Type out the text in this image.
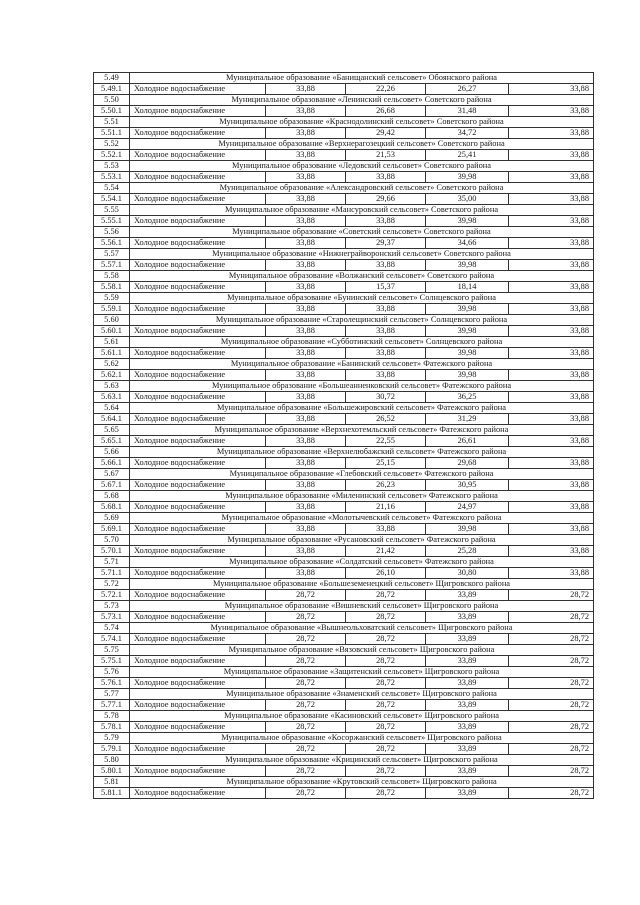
5.49	Муниципальное образование «Банищанский сельсовет» Обоянского района				
5.49.1	Холодное водоснабжение	33,88	22,26	26,27	33,88
5.50	Муниципальное образование «Ленинский сельсовет» Советского района				
5.50.1	Холодное водоснабжение	33,88	26,68	31,48	33,88
5.51	Муниципальное образование «Краснодолинский сельсовет» Советского района				
5.51.1	Холодное водоснабжение	33,88	29,42	34,72	33,88
5.52	Муниципальное образование «Верхнерагозецкий сельсовет» Советского района				
5.52.1	Холодное водоснабжение	33,88	21,53	25,41	33,88
5.53	Муниципальное образование «Ледовский сельсовет» Советского района				
5.53.1	Холодное водоснабжение	33,88	33,88	39,98	33,88
5.54	Муниципальное образование «Александровский сельсовет» Советского района				
5.54.1	Холодное водоснабжение	33,88	29,66	35,00	33,88
5.55	Муниципальное образование «Мансуровский сельсовет» Советского района				
5.55.1	Холодное водоснабжение	33,88	33,88	39,98	33,88
5.56	Муниципальное образование «Советский сельсовет» Советского района				
5.56.1	Холодное водоснабжение	33,88	29,37	34,66	33,88
5.57	Муниципальное образование «Нижнеграйворонский сельсовет» Советского района				
5.57.1	Холодное водоснабжение	33,88	33,88	39,98	33,88
5.58	Муниципальное образование «Волжанский сельсовет» Советского района				
5.58.1	Холодное водоснабжение	33,88	15,37	18,14	33,88
5.59	Муниципальное образование «Бунинский сельсовет» Солнцевского района				
5.59.1	Холодное водоснабжение	33,88	33,88	39,98	33,88
5.60	Муниципальное образование «Старолещинский сельсовет» Солнцевского района				
5.60.1	Холодное водоснабжение	33,88	33,88	39,98	33,88
5.61	Муниципальное образование «Субботинский сельсовет» Солнцевского района				
5.61.1	Холодное водоснабжение	33,88	33,88	39,98	33,88
5.62	Муниципальное образование «Банинский сельсовет» Фатежского района				
5.62.1	Холодное водоснабжение	33,88	33,88	39,98	33,88
5.63	Муниципальное образование «Большеанненковский сельсовет» Фатежского района				
5.63.1	Холодное водоснабжение	33,88	30,72	36,25	33,88
5.64	Муниципальное образование «Большежировский сельсовет» Фатежского района				
5.64.1	Холодное водоснабжение	33,88	26,52	31,29	33,88
5.65	Муниципальное образование «Верхнехотемльский сельсовет» Фатежского района				
5.65.1	Холодное водоснабжение	33,88	22,55	26,61	33,88
5.66	Муниципальное образование «Верхнелюбажский сельсовет» Фатежского района				
5.66.1	Холодное водоснабжение	33,88	25,15	29,68	33,88
5.67	Муниципальное образование «Глебовский сельсовет» Фатежского района				
5.67.1	Холодное водоснабжение	33,88	26,23	30,95	33,88
5.68	Муниципальное образование «Миленинский сельсовет» Фатежского района				
5.68.1	Холодное водоснабжение	33,88	21,16	24,97	33,88
5.69	Муниципальное образование «Молотычевский сельсовет» Фатежского района				
5.69.1	Холодное водоснабжение	33,88	33,88	39,98	33,88
5.70	Муниципальное образование «Русановский сельсовет» Фатежского района				
5.70.1	Холодное водоснабжение	33,88	21,42	25,28	33,88
5.71	Муниципальное образование «Солдатский сельсовет» Фатежского района				
5.71.1	Холодное водоснабжение	33,88	26,10	30,80	33,88
5.72	Муниципальное образование «Большеземенецкий сельсовет» Щигровского района				
5.72.1	Холодное водоснабжение	28,72	28,72	33,89	28,72
5.73	Муниципальное образование «Вишневский сельсовет» Щигровского района				
5.73.1	Холодное водоснабжение	28,72	28,72	33,89	28,72
5.74	Муниципальное образование «Вышнеольховатский сельсовет» Щигровского района				
5.74.1	Холодное водоснабжение	28,72	28,72	33,89	28,72
5.75	Муниципальное образование «Вязовский сельсовет» Щигровского района				
5.75.1	Холодное водоснабжение	28,72	28,72	33,89	28,72
5.76	Муниципальное образование «Защитенский сельсовет» Щигровского района				
5.76.1	Холодное водоснабжение	28,72	28,72	33,89	28,72
5.77	Муниципальное образование «Знаменский сельсовет» Щигровского района				
5.77.1	Холодное водоснабжение	28,72	28,72	33,89	28,72
5.78	Муниципальное образование «Касиновский сельсовет» Щигровского района				
5.78.1	Холодное водоснабжение	28,72	28,72	33,89	28,72
5.79	Муниципальное образование «Косоржанский сельсовет» Щигровского района				
5.79.1	Холодное водоснабжение	28,72	28,72	33,89	28,72
5.80	Муниципальное образование «Крицинский сельсовет» Щигровского района				
5.80.1	Холодное водоснабжение	28,72	28,72	33,89	28,72
5.81	Муниципальное образование «Крутовский сельсовет» Щигровского района				
5.81.1	Холодное водоснабжение	28,72	28,72	33,89	28,72
